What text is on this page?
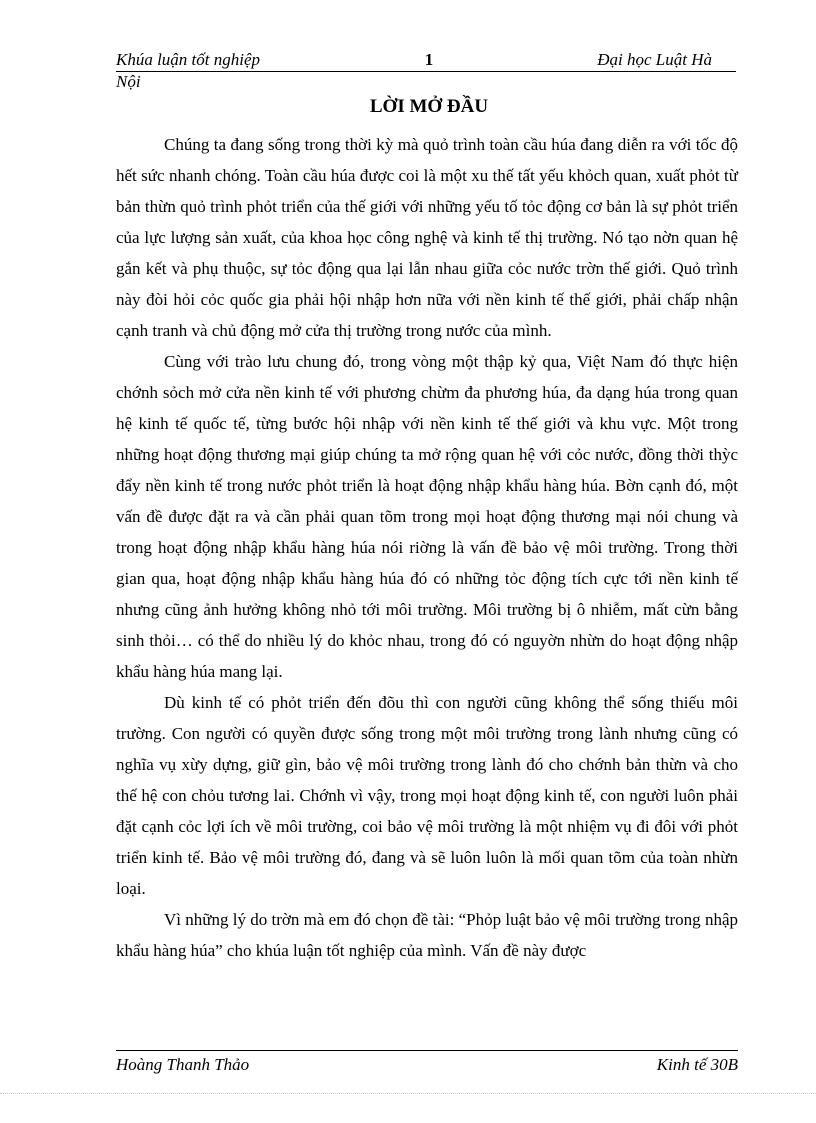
Khúa luận tốt nghiệp	1	Đại học Luật Hà
Nội
LỜI MỞ ĐẦU

Chúng ta đang sống trong thời kỳ mà quỏ trình toàn cầu húa đang diễn ra với tốc độ hết sức nhanh chóng. Toàn cầu húa được coi là một xu thế tất yếu khỏch quan, xuất phỏt từ bản thừn quỏ trình phỏt triển của thế giới với những yếu tố tỏc động cơ bản là sự phỏt triển của lực lượng sản xuất, của khoa học công nghệ và kinh tế thị trường. Nó tạo nờn quan hệ gắn kết và phụ thuộc, sự tỏc động qua lại lẫn nhau giữa cỏc nước trờn thế giới. Quỏ trình này đòi hỏi cỏc quốc gia phải hội nhập hơn nữa với nền kinh tế thế giới, phải chấp nhận cạnh tranh và chủ động mở cửa thị trường trong nước của mình.

Cùng với trào lưu chung đó, trong vòng một thập kỷ qua, Việt Nam đó thực hiện chớnh sỏch mở cửa nền kinh tế với phương chừm đa phương húa, đa dạng húa trong quan hệ kinh tế quốc tế, từng bước hội nhập với nền kinh tế thế giới và khu vực. Một trong những hoạt động thương mại giúp chúng ta mở rộng quan hệ với cỏc nước, đồng thời thỳc đẩy nền kinh tế trong nước phỏt triển là hoạt động nhập khẩu hàng húa. Bờn cạnh đó, một vấn đề được đặt ra và cần phải quan tõm trong mọi hoạt động thương mại nói chung và trong hoạt động nhập khẩu hàng húa nói riờng là vấn đề bảo vệ môi trường. Trong thời gian qua, hoạt động nhập khẩu hàng húa đó có những tỏc động tích cực tới nền kinh tế nhưng cũng ảnh hưởng không nhỏ tới môi trường. Môi trường bị ô nhiễm, mất cừn bằng sinh thỏi… có thể do nhiều lý do khỏc nhau, trong đó có nguyờn nhừn do hoạt động nhập khẩu hàng húa mang lại.

Dù kinh tế có phỏt triển đến đõu thì con người cũng không thể sống thiếu môi trường. Con người có quyền được sống trong một môi trường trong lành nhưng cũng có nghĩa vụ xừy dựng, giữ gìn, bảo vệ môi trường trong lành đó cho chớnh bản thừn và cho thế hệ con chỏu tương lai. Chớnh vì vậy, trong mọi hoạt động kinh tế, con người luôn phải đặt cạnh cỏc lợi ích về môi trường, coi bảo vệ môi trường là một nhiệm vụ đi đôi với phỏt triển kinh tế. Bảo vệ môi trường đó, đang và sẽ luôn luôn là mối quan tõm của toàn nhừn loại.

Vì những lý do trờn mà em đó chọn đề tài: “Phỏp luật bảo vệ môi trường trong nhập khẩu hàng húa” cho khúa luận tốt nghiệp của mình. Vấn đề này được

Hoàng Thanh Thảo	Kinh tế 30B
